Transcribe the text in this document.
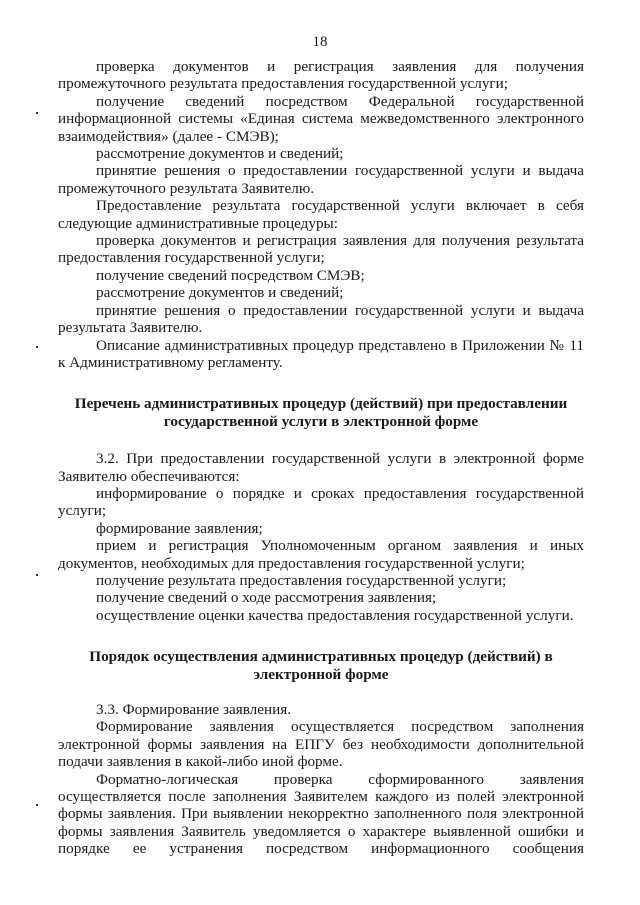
18

проверка документов и регистрация заявления для получения промежуточного результата предоставления государственной услуги;

получение сведений посредством Федеральной государственной информационной системы «Единая система межведомственного электронного взаимодействия» (далее - СМЭВ);

рассмотрение документов и сведений;

принятие решения о предоставлении государственной услуги и выдача промежуточного результата Заявителю.

Предоставление результата государственной услуги включает в себя следующие административные процедуры:

проверка документов и регистрация заявления для получения результата предоставления государственной услуги;

получение сведений посредством СМЭВ;

рассмотрение документов и сведений;

принятие решения о предоставлении государственной услуги и выдача результата Заявителю.

Описание административных процедур представлено в Приложении № 11 к Административному регламенту.

Перечень административных процедур (действий) при предоставлении государственной услуги в электронной форме

3.2. При предоставлении государственной услуги в электронной форме Заявителю обеспечиваются:

информирование о порядке и сроках предоставления государственной услуги;

формирование заявления;

прием и регистрация Уполномоченным органом заявления и иных документов, необходимых для предоставления государственной услуги;

получение результата предоставления государственной услуги;

получение сведений о ходе рассмотрения заявления;

осуществление оценки качества предоставления государственной услуги.

Порядок осуществления административных процедур (действий) в электронной форме

3.3. Формирование заявления.

Формирование заявления осуществляется посредством заполнения электронной формы заявления на ЕПГУ без необходимости дополнительной подачи заявления в какой-либо иной форме.

Форматно-логическая проверка сформированного заявления осуществляется после заполнения Заявителем каждого из полей электронной формы заявления. При выявлении некорректно заполненного поля электронной формы заявления Заявитель уведомляется о характере выявленной ошибки и порядке ее устранения посредством информационного сообщения
